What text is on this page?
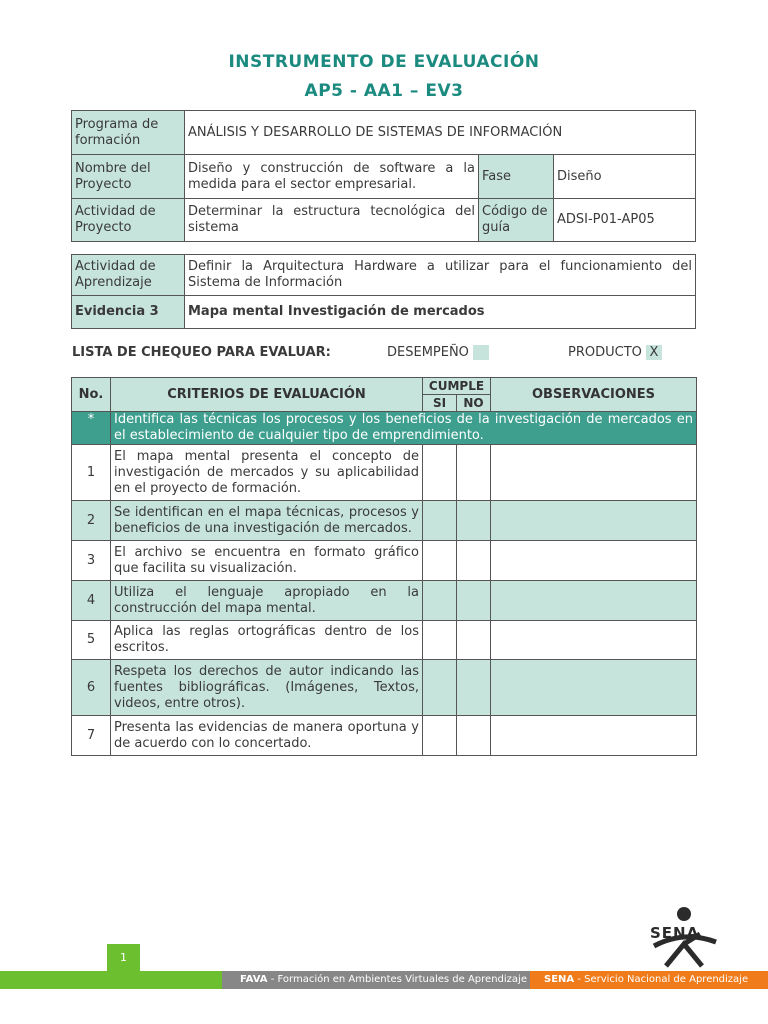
INSTRUMENTO DE EVALUACIÓN
AP5 - AA1 – EV3
Programa de formación	ANÁLISIS Y DESARROLLO DE SISTEMAS DE INFORMACIÓN		
Nombre del Proyecto	Diseño y construcción de software a la medida para el sector empresarial.	Fase	Diseño
Actividad de Proyecto	Determinar la estructura tecnológica del sistema	Código de guía	ADSI-P01-AP05
Actividad de Aprendizaje	Definir la Arquitectura Hardware a utilizar para el funcionamiento del Sistema de Información
Evidencia 3	Mapa mental Investigación de mercados
LISTA DE CHEQUEO PARA EVALUAR:	DESEMPEÑO	PRODUCTO X
No.	CRITERIOS DE EVALUACIÓN	CUMPLE		OBSERVACIONES
		SI	NO	
*	Identifica las técnicas los procesos y los beneficios de la investigación de mercados en el establecimiento de cualquier tipo de emprendimiento.			
1	El mapa mental presenta el concepto de investigación de mercados y su aplicabilidad en el proyecto de formación.			
2	Se identifican en el mapa técnicas, procesos y beneficios de una investigación de mercados.			
3	El archivo se encuentra en formato gráfico que facilita su visualización.			
4	Utiliza el lenguaje apropiado en la construcción del mapa mental.			
5	Aplica las reglas ortográficas dentro de los escritos.			
6	Respeta los derechos de autor indicando las fuentes bibliográficas. (Imágenes, Textos, videos, entre otros).			
7	Presenta las evidencias de manera oportuna y de acuerdo con lo concertado.			
SENA
1
FAVA - Formación en Ambientes Virtuales de Aprendizaje	SENA - Servicio Nacional de Aprendizaje
